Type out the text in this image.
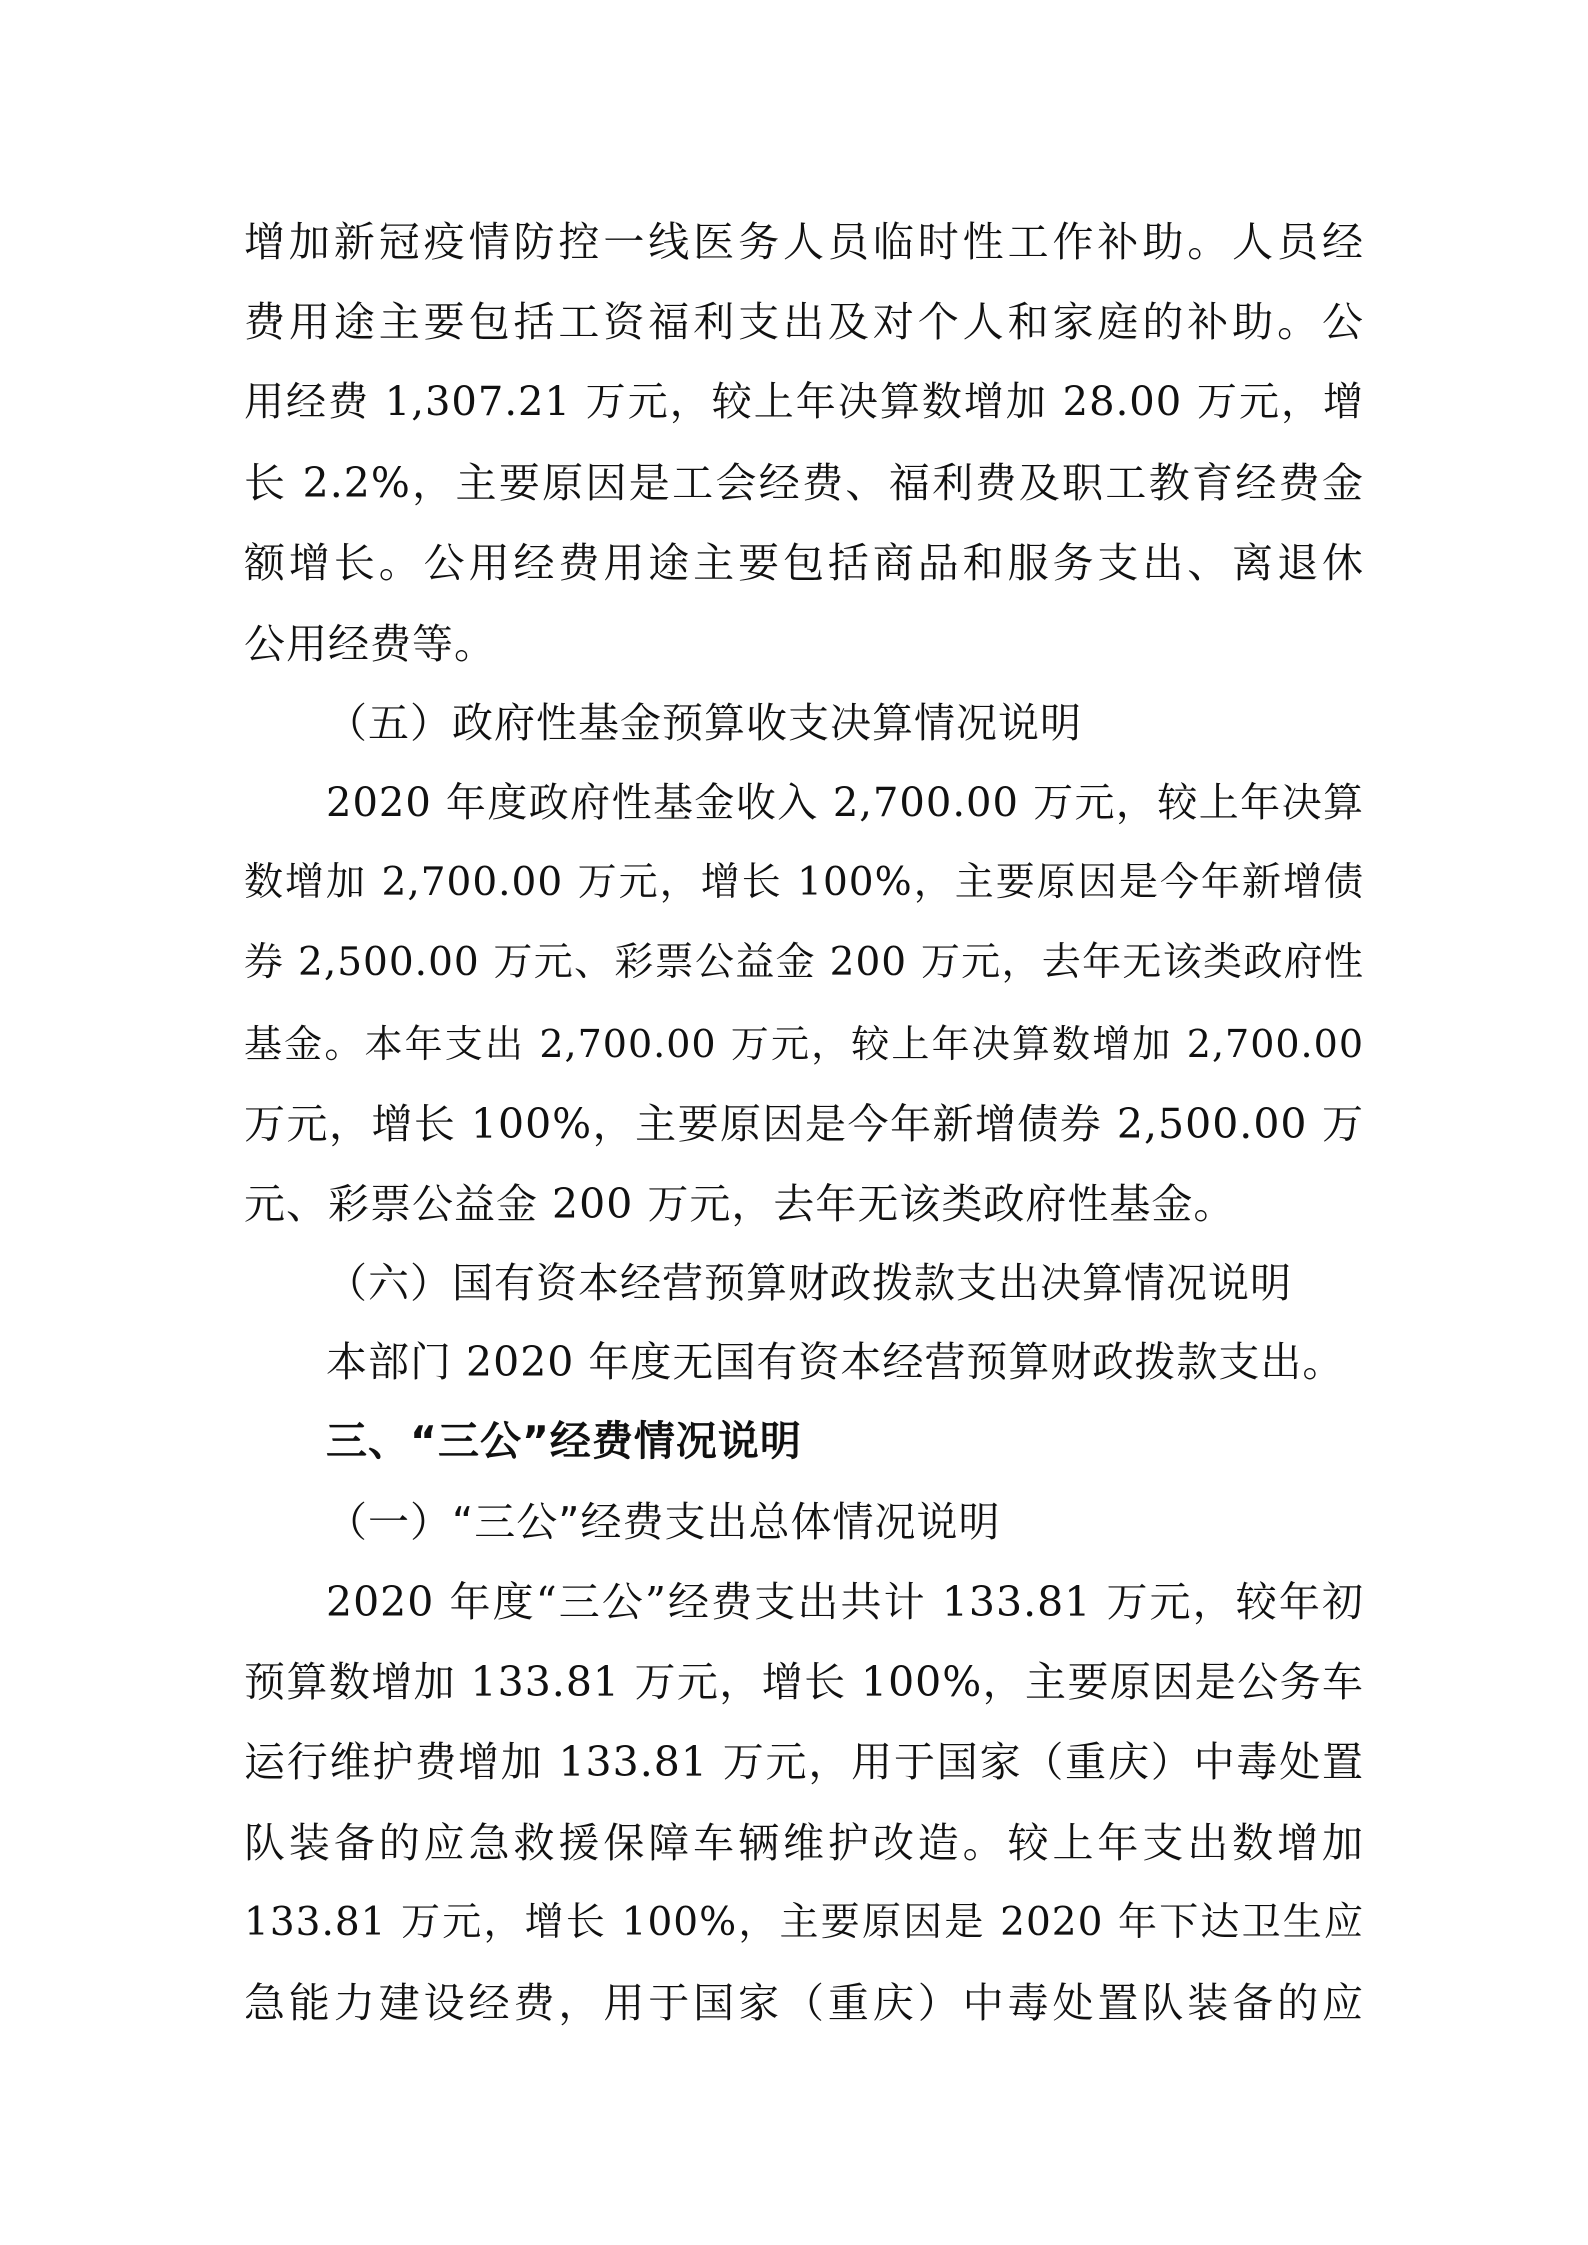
增加新冠疫情防控一线医务人员临时性工作补助。人员经

费用途主要包括工资福利支出及对个人和家庭的补助。公

用经费 1,307.21 万元，较上年决算数增加 28.00 万元，增

长 2.2%，主要原因是工会经费、福利费及职工教育经费金

额增长。公用经费用途主要包括商品和服务支出、离退休

公用经费等。

（五）政府性基金预算收支决算情况说明

2020 年度政府性基金收入 2,700.00 万元，较上年决算

数增加 2,700.00 万元，增长 100%，主要原因是今年新增债

券 2,500.00 万元、彩票公益金 200 万元，去年无该类政府性

基金。本年支出 2,700.00 万元，较上年决算数增加 2,700.00

万元，增长 100%，主要原因是今年新增债券 2,500.00 万

元、彩票公益金 200 万元，去年无该类政府性基金。

（六）国有资本经营预算财政拨款支出决算情况说明

本部门 2020 年度无国有资本经营预算财政拨款支出。

三、“三公”经费情况说明

（一）“三公”经费支出总体情况说明

2020 年度“三公”经费支出共计 133.81 万元，较年初

预算数增加 133.81 万元，增长 100%，主要原因是公务车

运行维护费增加 133.81 万元，用于国家（重庆）中毒处置

队装备的应急救援保障车辆维护改造。较上年支出数增加

133.81 万元，增长 100%，主要原因是 2020 年下达卫生应

急能力建设经费，用于国家（重庆）中毒处置队装备的应
